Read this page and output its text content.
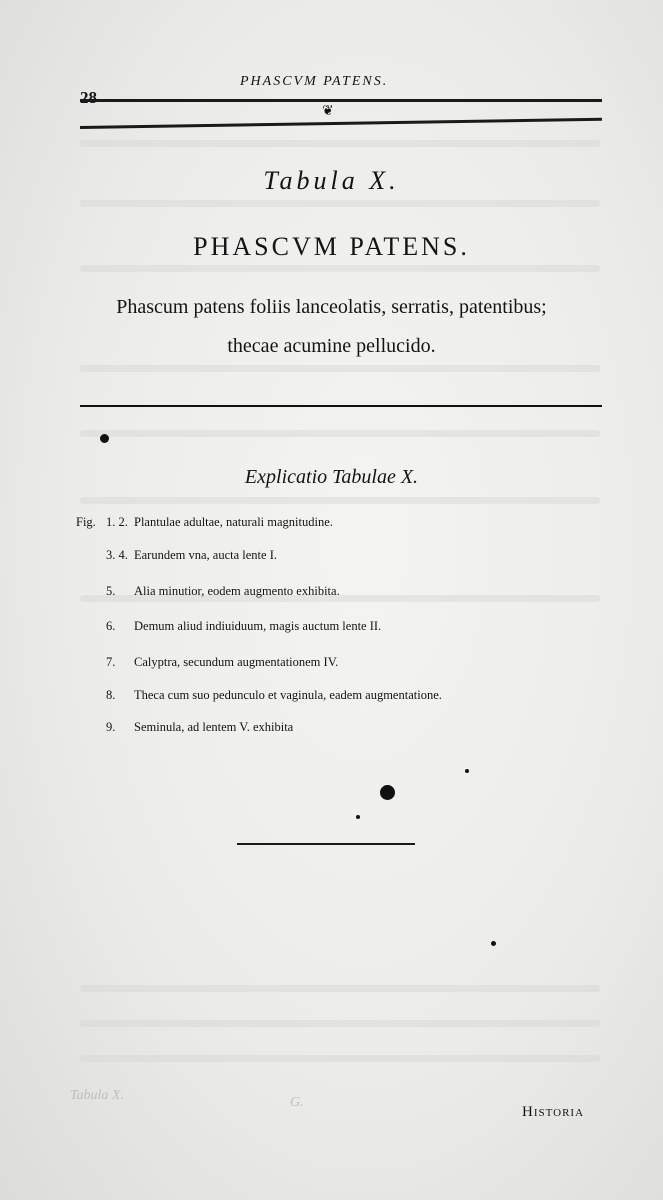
28
PHASCVM PATENS.
❦
Tabula X.
PHASCVM PATENS.
Phascum patens foliis lanceolatis, serratis, patentibus;
thecae acumine pellucido.
Explicatio Tabulae X.
Fig. 1. 2. Plantulae adultae, naturali magnitudine.
3. 4. Earundem vna, aucta lente I.
5. Alia minutior, eodem augmento exhibita.
6. Demum aliud indiuiduum, magis auctum lente II.
7. Calyptra, secundum augmentationem IV.
8. Theca cum suo pedunculo et vaginula, eadem augmentatione.
9. Seminula, ad lentem V. exhibita
Tabula X.	G.
Historia
